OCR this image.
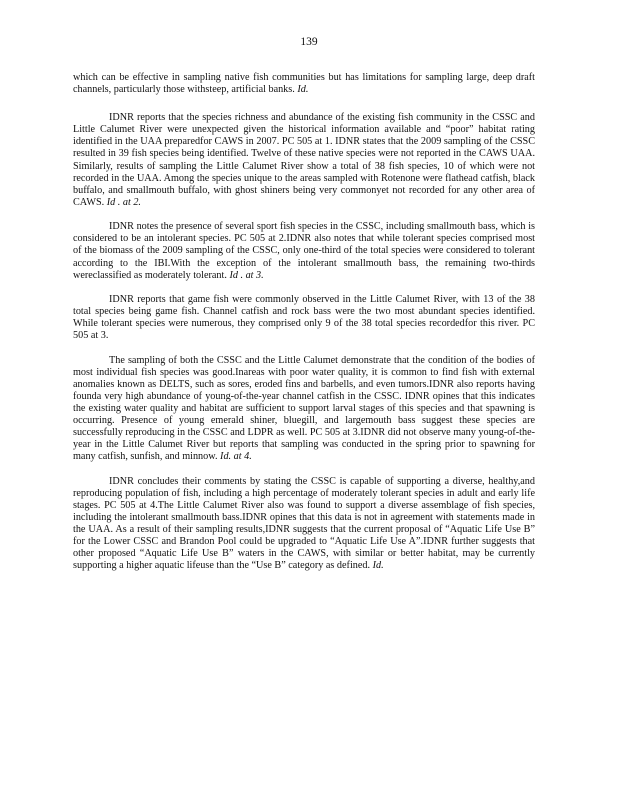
139

which can be effective in sampling native fish communities but has limitations for sampling large, deep draft channels, particularly those withsteep, artificial banks. Id.

IDNR reports that the species richness and abundance of the existing fish community in the CSSC and Little Calumet River were unexpected given the historical information available and “poor” habitat rating identified in the UAA preparedfor CAWS in 2007. PC 505 at 1. IDNR states that the 2009 sampling of the CSSC resulted in 39 fish species being identified. Twelve of these native species were not reported in the CAWS UAA. Similarly, results of sampling the Little Calumet River show a total of 38 fish species, 10 of which were not recorded in the UAA. Among the species unique to the areas sampled with Rotenone were flathead catfish, black buffalo, and smallmouth buffalo, with ghost shiners being very commonyet not recorded for any other area of CAWS. Id . at 2.

IDNR notes the presence of several sport fish species in the CSSC, including smallmouth bass, which is considered to be an intolerant species. PC 505 at 2.IDNR also notes that while tolerant species comprised most of the biomass of the 2009 sampling of the CSSC, only one-third of the total species were considered to tolerant according to the IBI.With the exception of the intolerant smallmouth bass, the remaining two-thirds wereclassified as moderately tolerant. Id . at 3.

IDNR reports that game fish were commonly observed in the Little Calumet River, with 13 of the 38 total species being game fish. Channel catfish and rock bass were the two most abundant species identified. While tolerant species were numerous, they comprised only 9 of the 38 total species recordedfor this river. PC 505 at 3.

The sampling of both the CSSC and the Little Calumet demonstrate that the condition of the bodies of most individual fish species was good.Inareas with poor water quality, it is common to find fish with external anomalies known as DELTS, such as sores, eroded fins and barbells, and even tumors.IDNR also reports having founda very high abundance of young-of-the-year channel catfish in the CSSC. IDNR opines that this indicates the existing water quality and habitat are sufficient to support larval stages of this species and that spawning is occurring. Presence of young emerald shiner, bluegill, and largemouth bass suggest these species are successfully reproducing in the CSSC and LDPR as well. PC 505 at 3.IDNR did not observe many young-of-the-year in the Little Calumet River but reports that sampling was conducted in the spring prior to spawning for many catfish, sunfish, and minnow. Id. at 4.

IDNR concludes their comments by stating the CSSC is capable of supporting a diverse, healthy,and reproducing population of fish, including a high percentage of moderately tolerant species in adult and early life stages. PC 505 at 4.The Little Calumet River also was found to support a diverse assemblage of fish species, including the intolerant smallmouth bass.IDNR opines that this data is not in agreement with statements made in the UAA. As a result of their sampling results,IDNR suggests that the current proposal of “Aquatic Life Use B” for the Lower CSSC and Brandon Pool could be upgraded to “Aquatic Life Use A”.IDNR further suggests that other proposed “Aquatic Life Use B” waters in the CAWS, with similar or better habitat, may be currently supporting a higher aquatic lifeuse than the “Use B” category as defined. Id.
